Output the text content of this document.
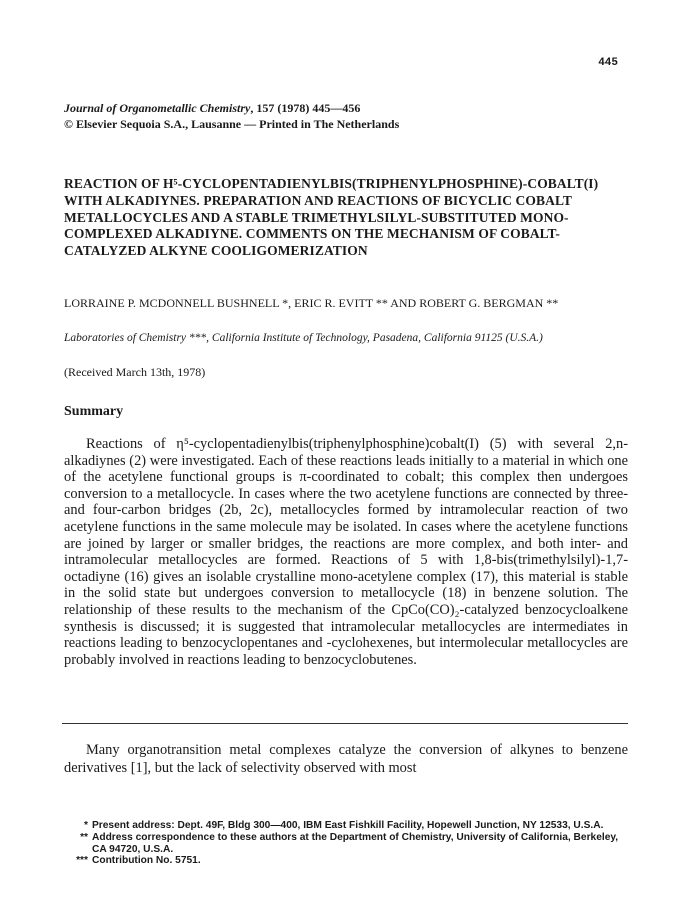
445
Journal of Organometallic Chemistry, 157 (1978) 445—456
© Elsevier Sequoia S.A., Lausanne — Printed in The Netherlands
REACTION OF Η⁵-CYCLOPENTADIENYLBIS(TRIPHENYLPHOSPHINE)-COBALT(I) WITH ALKADIYNES. PREPARATION AND REACTIONS OF BICYCLIC COBALT METALLOCYCLES AND A STABLE TRIMETHYLSILYL-SUBSTITUTED MONO-COMPLEXED ALKADIYNE. COMMENTS ON THE MECHANISM OF COBALT-CATALYZED ALKYNE COOLIGOMERIZATION
LORRAINE P. MCDONNELL BUSHNELL *, ERIC R. EVITT ** AND ROBERT G. BERGMAN **
Laboratories of Chemistry ***, California Institute of Technology, Pasadena, California 91125 (U.S.A.)
(Received March 13th, 1978)
Summary
Reactions of η⁵-cyclopentadienylbis(triphenylphosphine)cobalt(I) (5) with several 2,n-alkadiynes (2) were investigated. Each of these reactions leads initially to a material in which one of the acetylene functional groups is π-coordinated to cobalt; this complex then undergoes conversion to a metallocycle. In cases where the two acetylene functions are connected by three- and four-carbon bridges (2b, 2c), metallocycles formed by intramolecular reaction of two acetylene functions in the same molecule may be isolated. In cases where the acetylene functions are joined by larger or smaller bridges, the reactions are more complex, and both inter- and intramolecular metallocycles are formed. Reactions of 5 with 1,8-bis(trimethylsilyl)-1,7-octadiyne (16) gives an isolable crystalline mono-acetylene complex (17), this material is stable in the solid state but undergoes conversion to metallocycle (18) in benzene solution. The relationship of these results to the mechanism of the CpCo(CO)₂-catalyzed benzocycloalkene synthesis is discussed; it is suggested that intramolecular metallocycles are intermediates in reactions leading to benzocyclopentanes and -cyclohexenes, but intermolecular metallocycles are probably involved in reactions leading to benzocyclobutenes.
Many organotransition metal complexes catalyze the conversion of alkynes to benzene derivatives [1], but the lack of selectivity observed with most
* Present address: Dept. 49F, Bldg 300—400, IBM East Fishkill Facility, Hopewell Junction, NY 12533, U.S.A.
** Address correspondence to these authors at the Department of Chemistry, University of California, Berkeley, CA 94720, U.S.A.
*** Contribution No. 5751.
